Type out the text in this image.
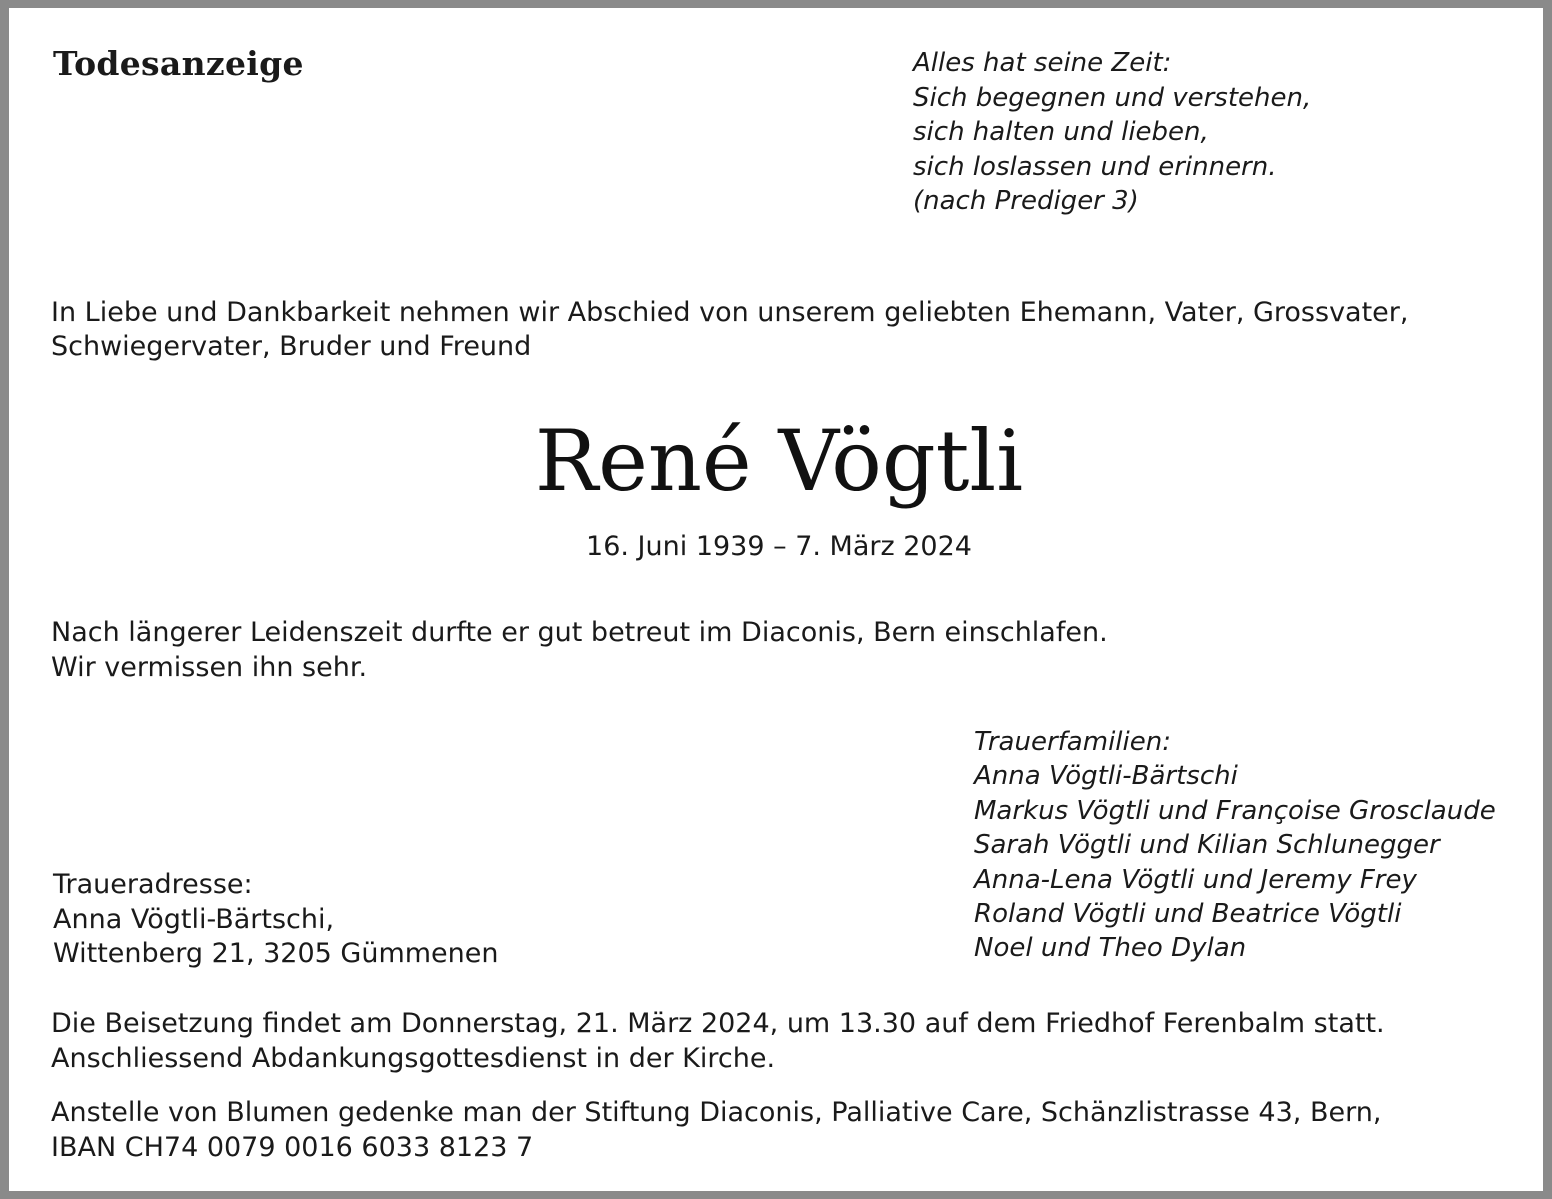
Todesanzeige	Alles hat seine Zeit:
Sich begegnen und verstehen,
sich halten und lieben,
sich loslassen und erinnern.
(nach Prediger 3)
In Liebe und Dankbarkeit nehmen wir Abschied von unserem geliebten Ehemann, Vater, Grossvater,
Schwiegervater, Bruder und Freund
René Vögtli
16. Juni 1939 – 7. März 2024
Nach längerer Leidenszeit durfte er gut betreut im Diaconis, Bern einschlafen.
Wir vermissen ihn sehr.
Trauerfamilien:
Anna Vögtli-Bärtschi
Markus Vögtli und Françoise Grosclaude
Sarah Vögtli und Kilian Schlunegger
Anna-Lena Vögtli und Jeremy Frey
Roland Vögtli und Beatrice Vögtli
Noel und Theo Dylan
Traueradresse:
Anna Vögtli-Bärtschi,
Wittenberg 21, 3205 Gümmenen
Die Beisetzung findet am Donnerstag, 21. März 2024, um 13.30 auf dem Friedhof Ferenbalm statt.
Anschliessend Abdankungsgottesdienst in der Kirche.
Anstelle von Blumen gedenke man der Stiftung Diaconis, Palliative Care, Schänzlistrasse 43, Bern,
IBAN CH74 0079 0016 6033 8123 7
